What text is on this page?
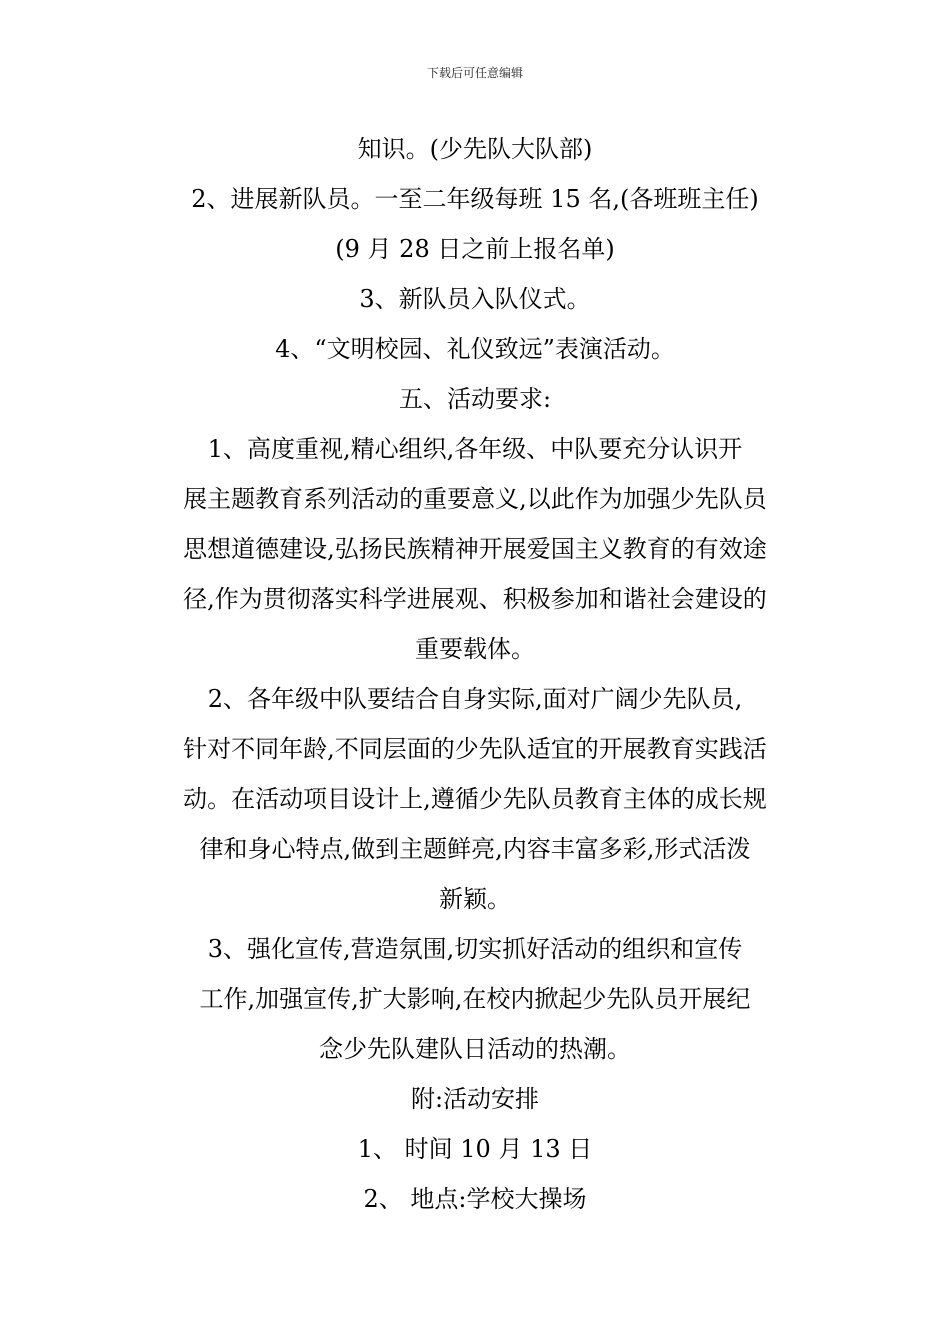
下载后可任意编辑
知识。(少先队大队部)
2、进展新队员。一至二年级每班 15 名,(各班班主任)
(9 月 28 日之前上报名单)
3、新队员入队仪式。
4、“文明校园、礼仪致远”表演活动。
五、活动要求:
1、高度重视,精心组织,各年级、中队要充分认识开
展主题教育系列活动的重要意义,以此作为加强少先队员
思想道德建设,弘扬民族精神开展爱国主义教育的有效途
径,作为贯彻落实科学进展观、积极参加和谐社会建设的
重要载体。
2、各年级中队要结合自身实际,面对广阔少先队员,
针对不同年龄,不同层面的少先队适宜的开展教育实践活
动。在活动项目设计上,遵循少先队员教育主体的成长规
律和身心特点,做到主题鲜亮,内容丰富多彩,形式活泼
新颖。
3、强化宣传,营造氛围,切实抓好活动的组织和宣传
工作,加强宣传,扩大影响,在校内掀起少先队员开展纪
念少先队建队日活动的热潮。
附:活动安排
1、 时间 10 月 13 日
2、 地点:学校大操场
